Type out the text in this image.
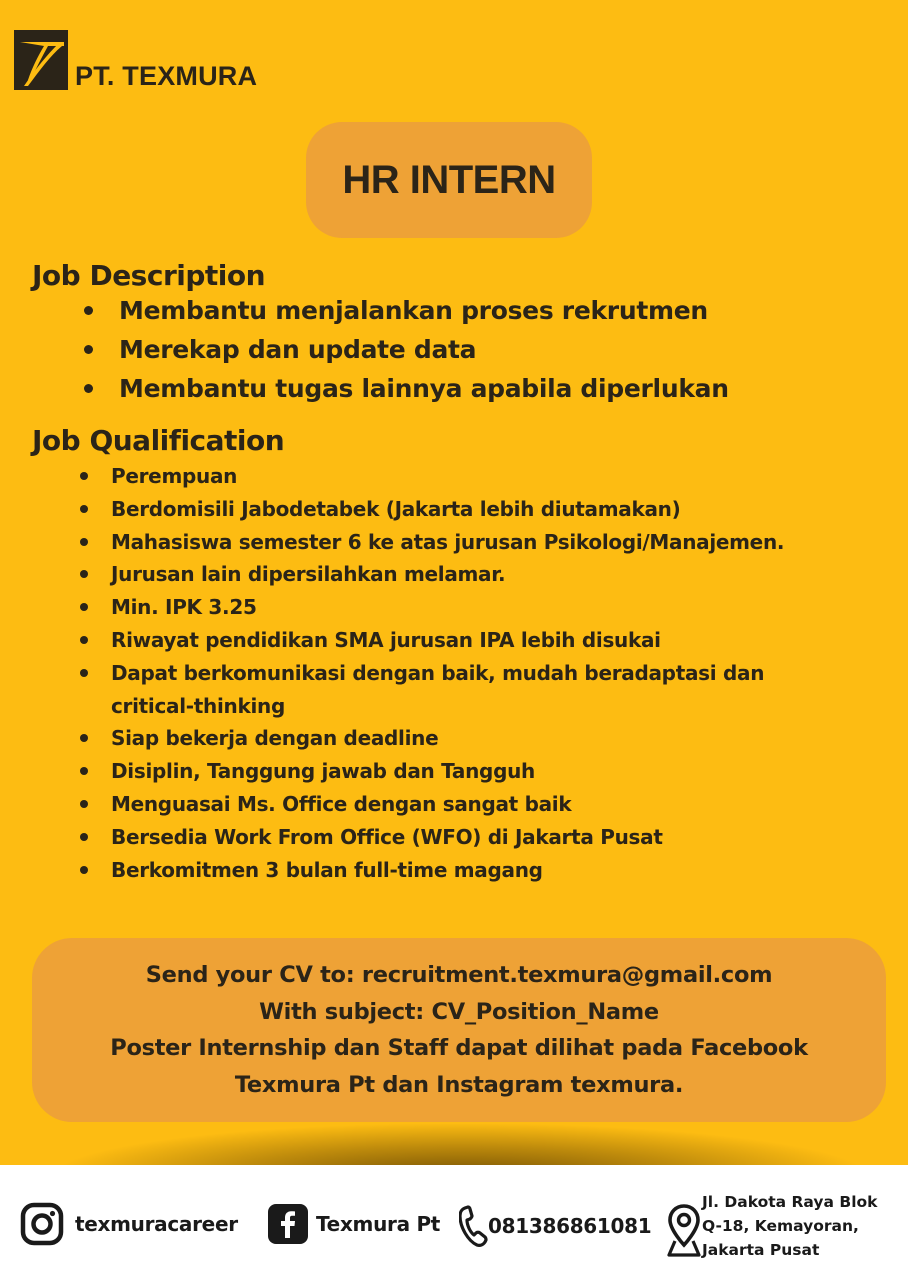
PT. TEXMURA
HR INTERN
Job Description
Membantu menjalankan proses rekrutmen
Merekap dan update data
Membantu tugas lainnya apabila diperlukan
Job Qualification
Perempuan
Berdomisili Jabodetabek (Jakarta lebih diutamakan)
Mahasiswa semester 6 ke atas jurusan Psikologi/Manajemen.
Jurusan lain dipersilahkan melamar.
Min. IPK 3.25
Riwayat pendidikan SMA jurusan IPA lebih disukai
Dapat berkomunikasi dengan baik, mudah beradaptasi dan critical-thinking
Siap bekerja dengan deadline
Disiplin, Tanggung jawab dan Tangguh
Menguasai Ms. Office dengan sangat baik
Bersedia Work From Office (WFO) di Jakarta Pusat
Berkomitmen 3 bulan full-time magang
Send your CV to: recruitment.texmura@gmail.com
With subject: CV_Position_Name
Poster Internship dan Staff dapat dilihat pada Facebook
Texmura Pt dan Instagram texmura.
texmuracareer	Texmura Pt 081386861081
Jl. Dakota Raya Blok
Q-18, Kemayoran,
Jakarta Pusat
